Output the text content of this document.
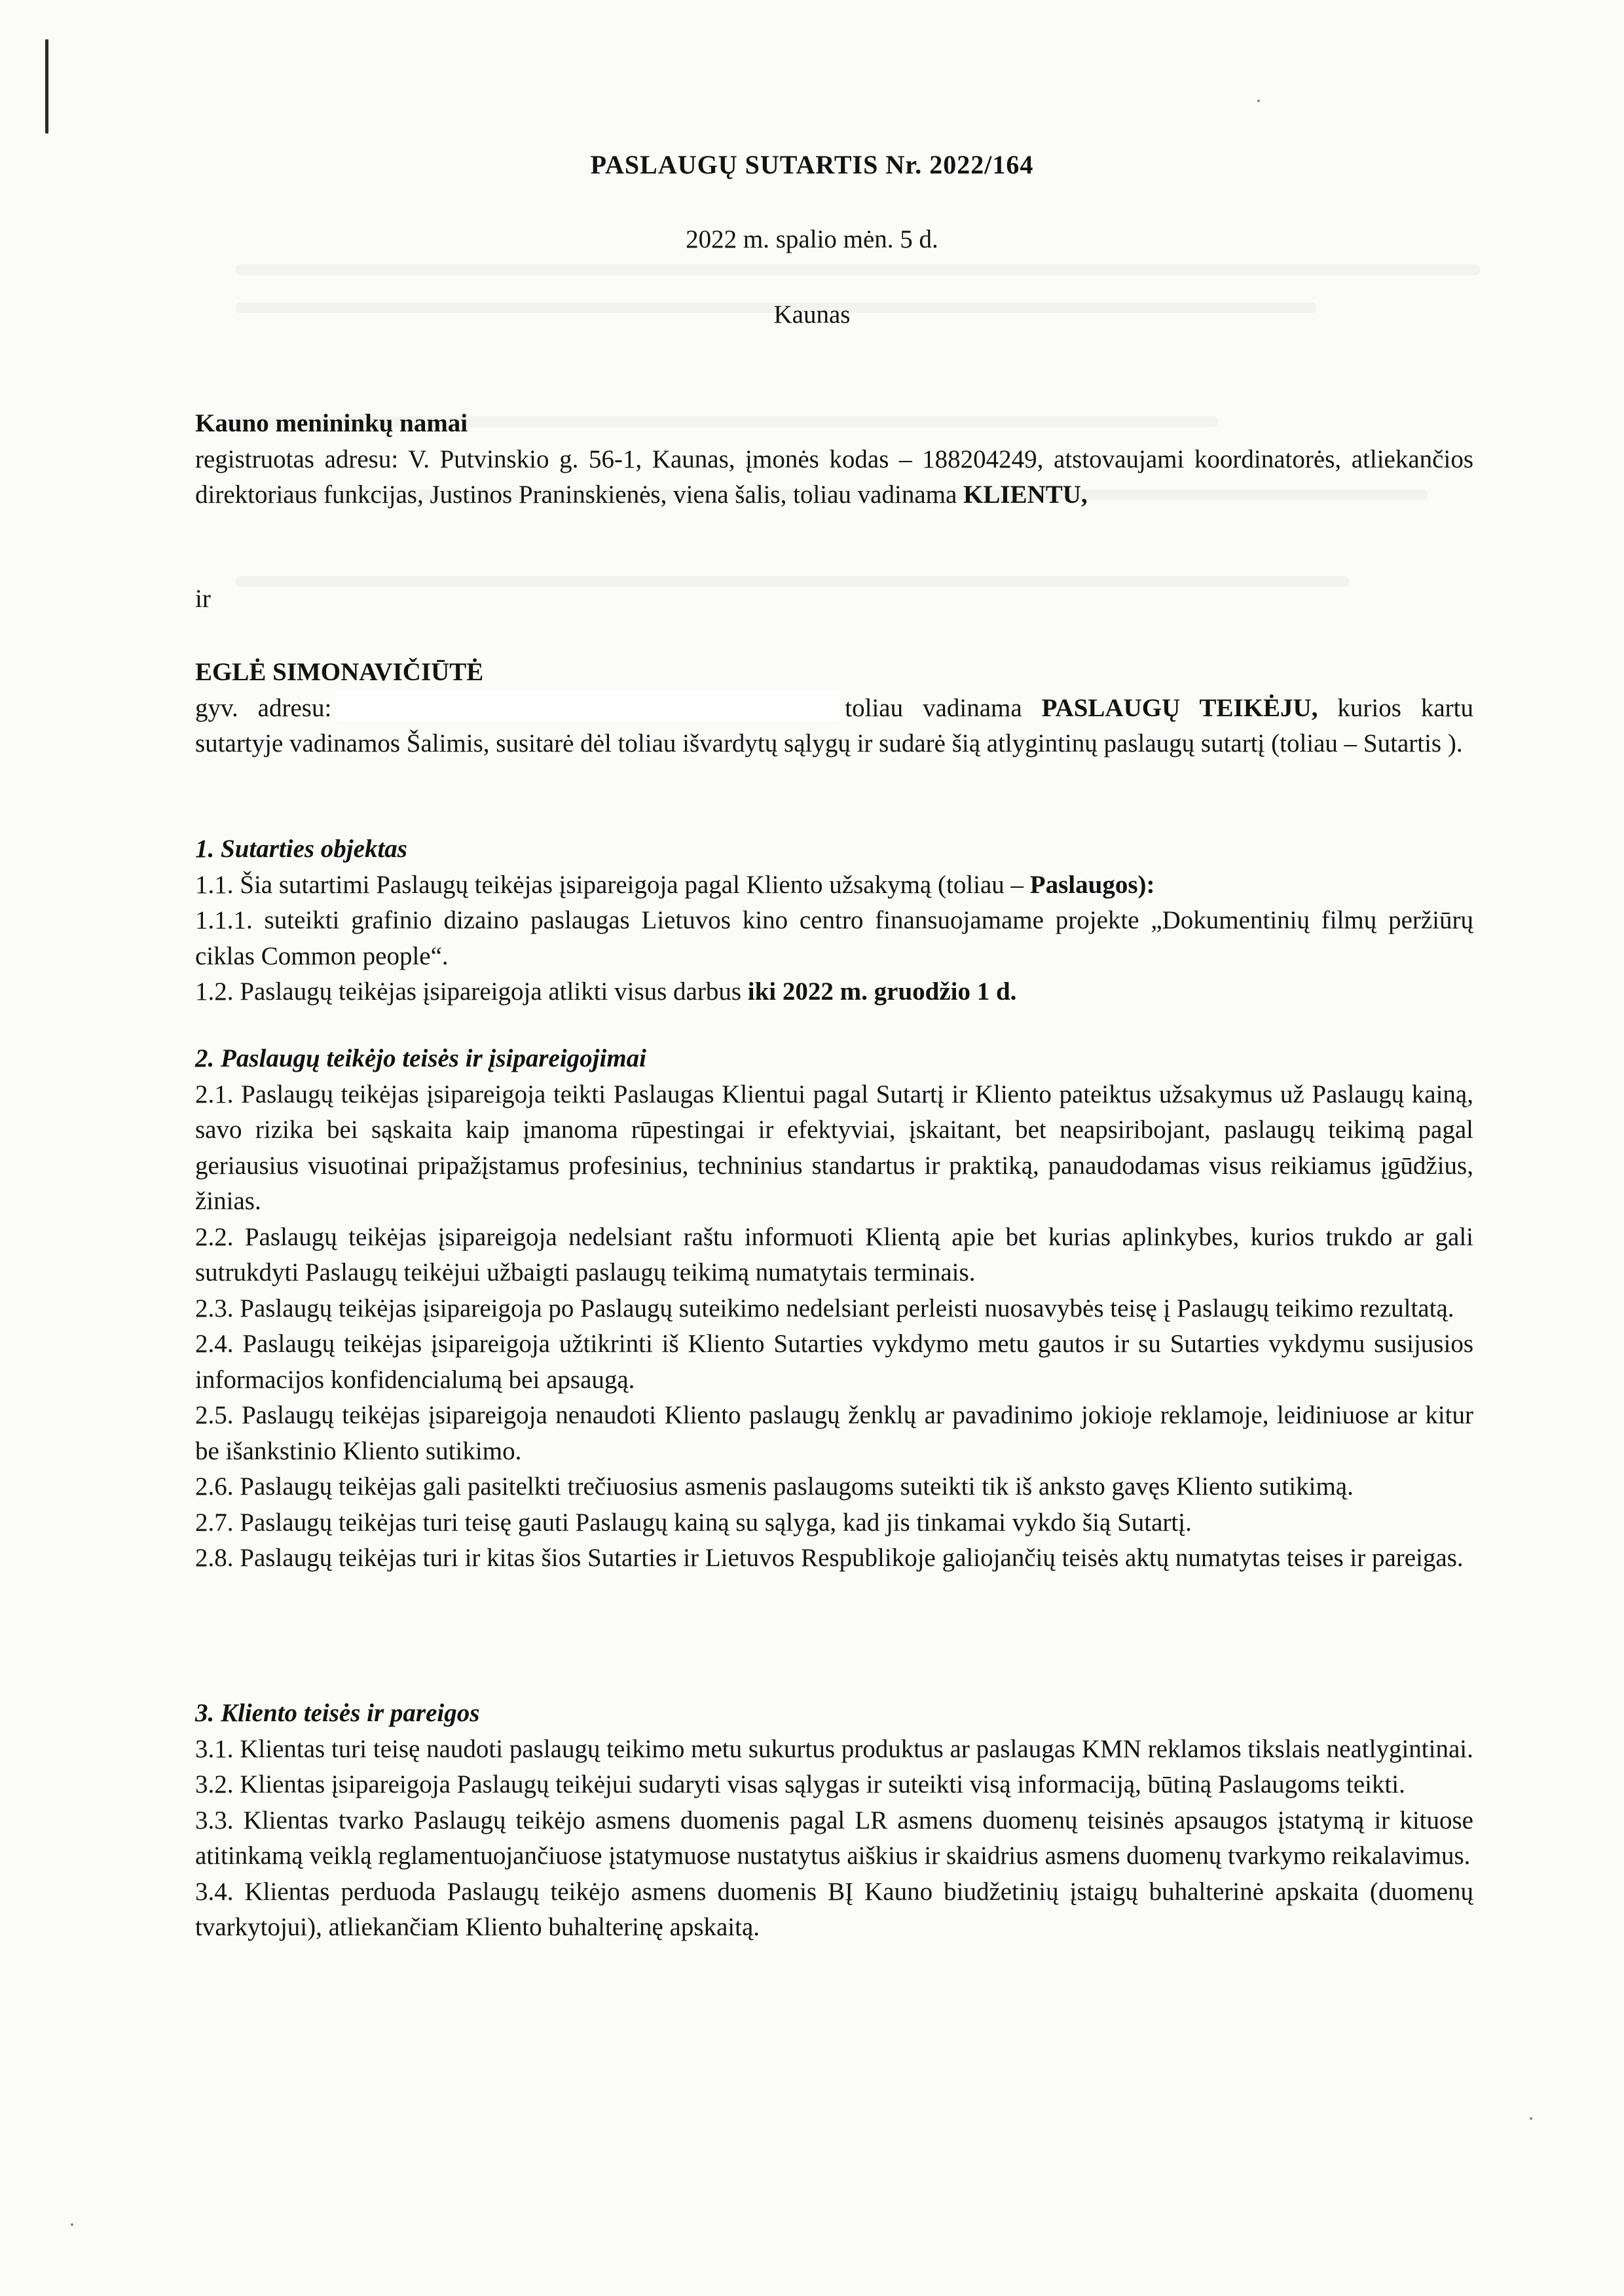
PASLAUGŲ SUTARTIS Nr. 2022/164
2022 m. spalio mėn. 5 d.
Kaunas
Kauno menininkų namai
registruotas adresu: V. Putvinskio g. 56-1, Kaunas, įmonės kodas – 188204249, atstovaujami koordinatorės, atliekančios direktoriaus funkcijas, Justinos Praninskienės, viena šalis, toliau vadinama KLIENTU,
ir
EGLĖ SIMONAVIČIŪTĖ
gyv. adresu:	toliau vadinama PASLAUGŲ TEIKĖJU, kurios kartu sutartyje vadinamos Šalimis, susitarė dėl toliau išvardytų sąlygų ir sudarė šią atlygintinų paslaugų sutartį (toliau – Sutartis ).
1. Sutarties objektas
1.1. Šia sutartimi Paslaugų teikėjas įsipareigoja pagal Kliento užsakymą (toliau – Paslaugos):
1.1.1. suteikti grafinio dizaino paslaugas Lietuvos kino centro finansuojamame projekte „Dokumentinių filmų peržiūrų ciklas Common people“.
1.2. Paslaugų teikėjas įsipareigoja atlikti visus darbus iki 2022 m. gruodžio 1 d.
2. Paslaugų teikėjo teisės ir įsipareigojimai
2.1. Paslaugų teikėjas įsipareigoja teikti Paslaugas Klientui pagal Sutartį ir Kliento pateiktus užsakymus už Paslaugų kainą, savo rizika bei sąskaita kaip įmanoma rūpestingai ir efektyviai, įskaitant, bet neapsiribojant, paslaugų teikimą pagal geriausius visuotinai pripažįstamus profesinius, techninius standartus ir praktiką, panaudodamas visus reikiamus įgūdžius, žinias.
2.2. Paslaugų teikėjas įsipareigoja nedelsiant raštu informuoti Klientą apie bet kurias aplinkybes, kurios trukdo ar gali sutrukdyti Paslaugų teikėjui užbaigti paslaugų teikimą numatytais terminais.
2.3. Paslaugų teikėjas įsipareigoja po Paslaugų suteikimo nedelsiant perleisti nuosavybės teisę į Paslaugų teikimo rezultatą.
2.4. Paslaugų teikėjas įsipareigoja užtikrinti iš Kliento Sutarties vykdymo metu gautos ir su Sutarties vykdymu susijusios informacijos konfidencialumą bei apsaugą.
2.5. Paslaugų teikėjas įsipareigoja nenaudoti Kliento paslaugų ženklų ar pavadinimo jokioje reklamoje, leidiniuose ar kitur be išankstinio Kliento sutikimo.
2.6. Paslaugų teikėjas gali pasitelkti trečiuosius asmenis paslaugoms suteikti tik iš anksto gavęs Kliento sutikimą.
2.7. Paslaugų teikėjas turi teisę gauti Paslaugų kainą su sąlyga, kad jis tinkamai vykdo šią Sutartį.
2.8. Paslaugų teikėjas turi ir kitas šios Sutarties ir Lietuvos Respublikoje galiojančių teisės aktų numatytas teises ir pareigas.
3. Kliento teisės ir pareigos
3.1. Klientas turi teisę naudoti paslaugų teikimo metu sukurtus produktus ar paslaugas KMN reklamos tikslais neatlygintinai.
3.2. Klientas įsipareigoja Paslaugų teikėjui sudaryti visas sąlygas ir suteikti visą informaciją, būtiną Paslaugoms teikti.
3.3. Klientas tvarko Paslaugų teikėjo asmens duomenis pagal LR asmens duomenų teisinės apsaugos įstatymą ir kituose atitinkamą veiklą reglamentuojančiuose įstatymuose nustatytus aiškius ir skaidrius asmens duomenų tvarkymo reikalavimus.
3.4. Klientas perduoda Paslaugų teikėjo asmens duomenis BĮ Kauno biudžetinių įstaigų buhalterinė apskaita (duomenų tvarkytojui), atliekančiam Kliento buhalterinę apskaitą.
